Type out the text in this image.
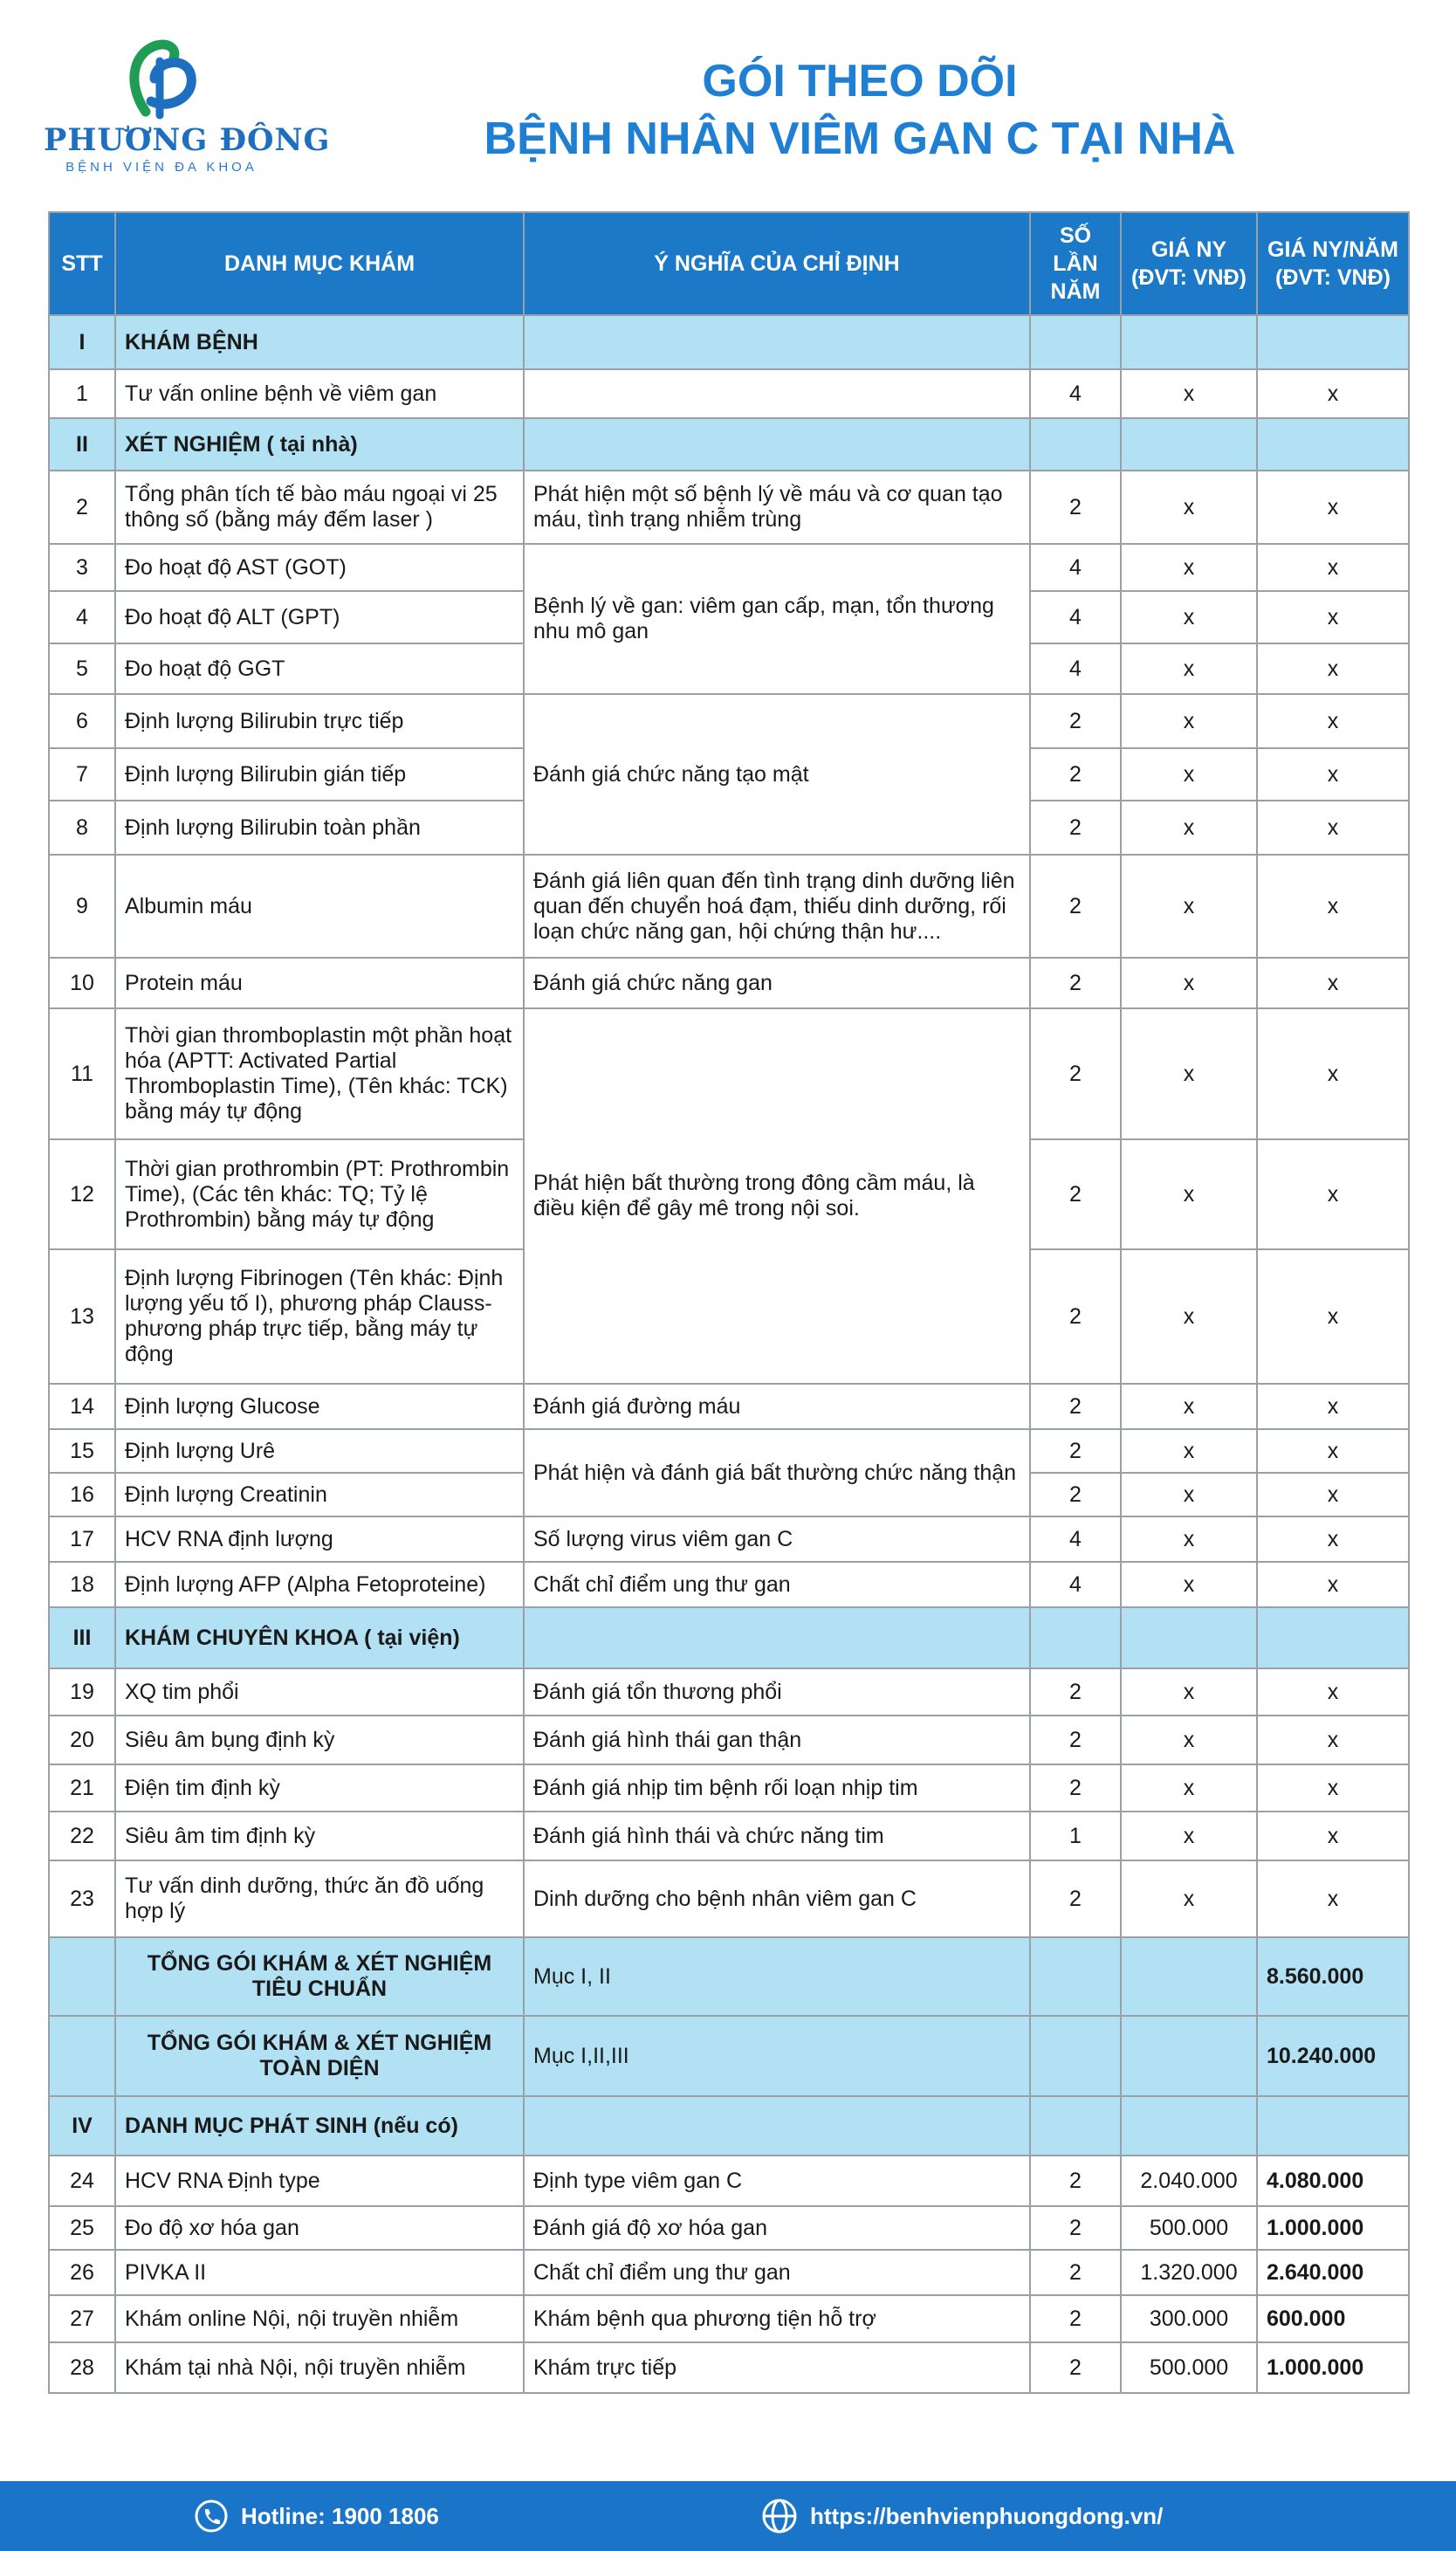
PHƯƠNG ĐÔNG
BỆNH VIỆN ĐA KHOA
GÓI THEO DÕI
BỆNH NHÂN VIÊM GAN C TẠI NHÀ
STT	DANH MỤC KHÁM	Ý NGHĨA CỦA CHỈ ĐỊNH	SỐ LẦN NĂM	GIÁ NY (ĐVT: VNĐ)	GIÁ NY/NĂM (ĐVT: VNĐ)
I	KHÁM BỆNH				
1	Tư vấn online bệnh về viêm gan		4	x	x
II	XÉT NGHIỆM ( tại nhà)				
2	Tổng phân tích tế bào máu ngoại vi 25 thông số (bằng máy đếm laser )	Phát hiện một số bệnh lý về máu và cơ quan tạo máu, tình trạng nhiễm trùng	2	x	x
3	Đo hoạt độ AST (GOT)	Bệnh lý về gan: viêm gan cấp, mạn, tổn thương nhu mô gan	4	x	x
4	Đo hoạt độ ALT (GPT)		4	x	x
5	Đo hoạt độ GGT		4	x	x
6	Định lượng Bilirubin trực tiếp	Đánh giá chức năng tạo mật	2	x	x
7	Định lượng Bilirubin gián tiếp		2	x	x
8	Định lượng Bilirubin toàn phần		2	x	x
9	Albumin máu	Đánh giá liên quan đến tình trạng dinh dưỡng liên quan đến chuyển hoá đạm, thiếu dinh dưỡng, rối loạn chức năng gan, hội chứng thận hư....	2	x	x
10	Protein máu	Đánh giá chức năng gan	2	x	x
11	Thời gian thromboplastin một phần hoạt hóa (APTT: Activated Partial Thromboplastin Time), (Tên khác: TCK) bằng máy tự động	Phát hiện bất thường trong đông cầm máu, là điều kiện để gây mê trong nội soi.	2	x	x
12	Thời gian prothrombin (PT: Prothrombin Time), (Các tên khác: TQ; Tỷ lệ Prothrombin) bằng máy tự động		2	x	x
13	Định lượng Fibrinogen (Tên khác: Định lượng yếu tố I), phương pháp Clauss- phương pháp trực tiếp, bằng máy tự động		2	x	x
14	Định lượng Glucose	Đánh giá đường máu	2	x	x
15	Định lượng Urê	Phát hiện và đánh giá bất thường chức năng thận	2	x	x
16	Định lượng Creatinin		2	x	x
17	HCV RNA định lượng	Số lượng virus viêm gan C	4	x	x
18	Định lượng AFP (Alpha Fetoproteine)	Chất chỉ điểm ung thư gan	4	x	x
III	KHÁM CHUYÊN KHOA ( tại viện)				
19	XQ tim phổi	Đánh giá tổn thương phổi	2	x	x
20	Siêu âm bụng định kỳ	Đánh giá hình thái gan thận	2	x	x
21	Điện tim định kỳ	Đánh giá nhịp tim bệnh rối loạn nhịp tim	2	x	x
22	Siêu âm tim định kỳ	Đánh giá hình thái và chức năng tim	1	x	x
23	Tư vấn dinh dưỡng, thức ăn đồ uống hợp lý	Dinh dưỡng cho bệnh nhân viêm gan C	2	x	x
	TỔNG GÓI KHÁM & XÉT NGHIỆM TIÊU CHUẨN	Mục I, II			8.560.000
	TỔNG GÓI KHÁM & XÉT NGHIỆM TOÀN DIỆN	Mục I,II,III			10.240.000
IV	DANH MỤC PHÁT SINH (nếu có)				
24	HCV RNA Định type	Định type viêm gan C	2	2.040.000	4.080.000
25	Đo độ xơ hóa gan	Đánh giá độ xơ hóa gan	2	500.000	1.000.000
26	PIVKA II	Chất chỉ điểm ung thư gan	2	1.320.000	2.640.000
27	Khám online Nội, nội truyền nhiễm	Khám bệnh qua phương tiện hỗ trợ	2	300.000	600.000
28	Khám tại nhà Nội, nội truyền nhiễm	Khám trực tiếp	2	500.000	1.000.000
Hotline: 1900 1806	https://benhvienphuongdong.vn/
